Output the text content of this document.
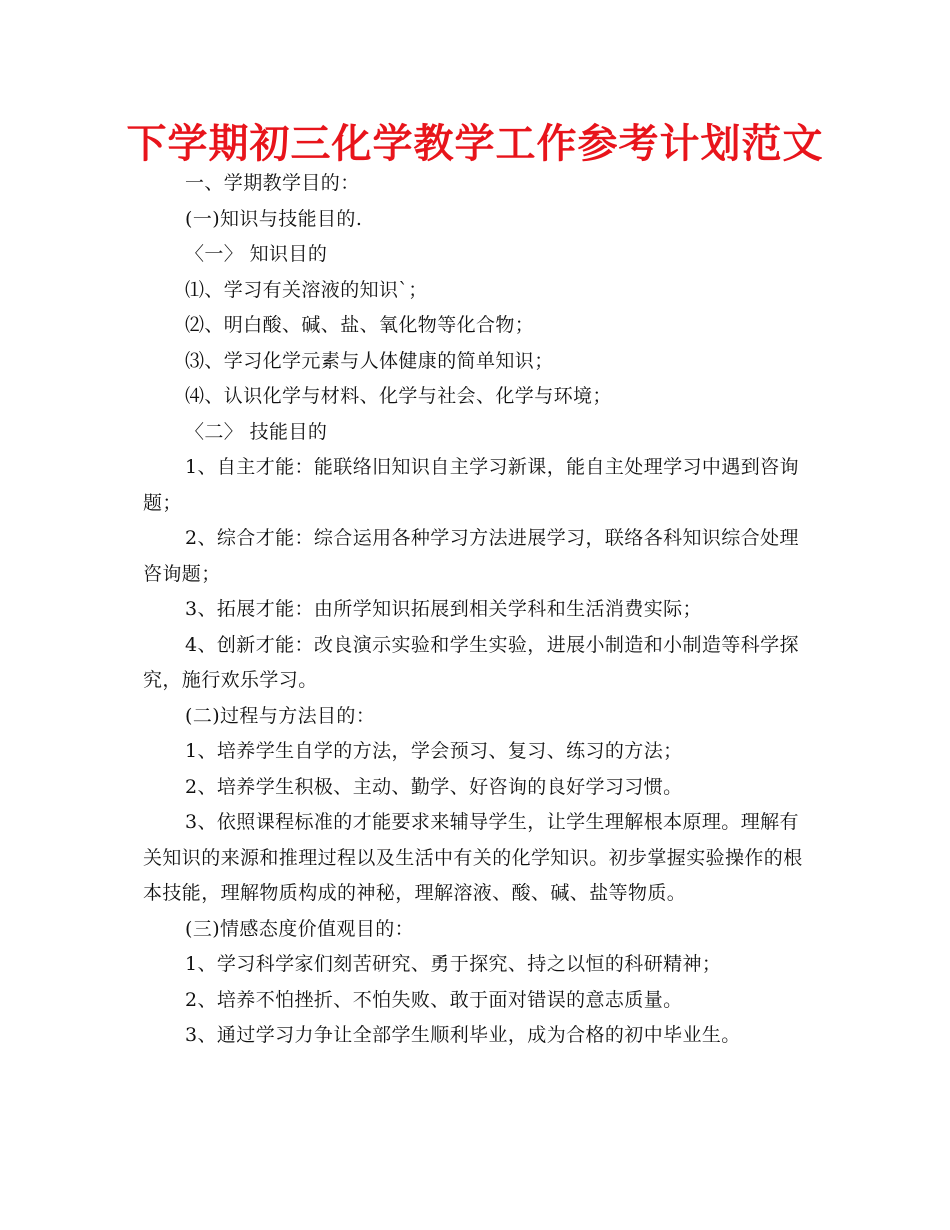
下学期初三化学教学工作参考计划范文

一、学期教学目的：

(一)知识与技能目的.

〈一〉 知识目的

⑴、学习有关溶液的知识`；

⑵、明白酸、碱、盐、氧化物等化合物；

⑶、学习化学元素与人体健康的简单知识；

⑷、认识化学与材料、化学与社会、化学与环境；

〈二〉 技能目的

1、自主才能：能联络旧知识自主学习新课，能自主处理学习中遇到咨询题；

2、综合才能：综合运用各种学习方法进展学习，联络各科知识综合处理咨询题；

3、拓展才能：由所学知识拓展到相关学科和生活消费实际；

4、创新才能：改良演示实验和学生实验，进展小制造和小制造等科学探究，施行欢乐学习。

(二)过程与方法目的：

1、培养学生自学的方法，学会预习、复习、练习的方法；

2、培养学生积极、主动、勤学、好咨询的良好学习习惯。

3、依照课程标准的才能要求来辅导学生，让学生理解根本原理。理解有关知识的来源和推理过程以及生活中有关的化学知识。初步掌握实验操作的根本技能，理解物质构成的神秘，理解溶液、酸、碱、盐等物质。

(三)情感态度价值观目的：

1、学习科学家们刻苦研究、勇于探究、持之以恒的科研精神；

2、培养不怕挫折、不怕失败、敢于面对错误的意志质量。

3、通过学习力争让全部学生顺利毕业，成为合格的初中毕业生。
